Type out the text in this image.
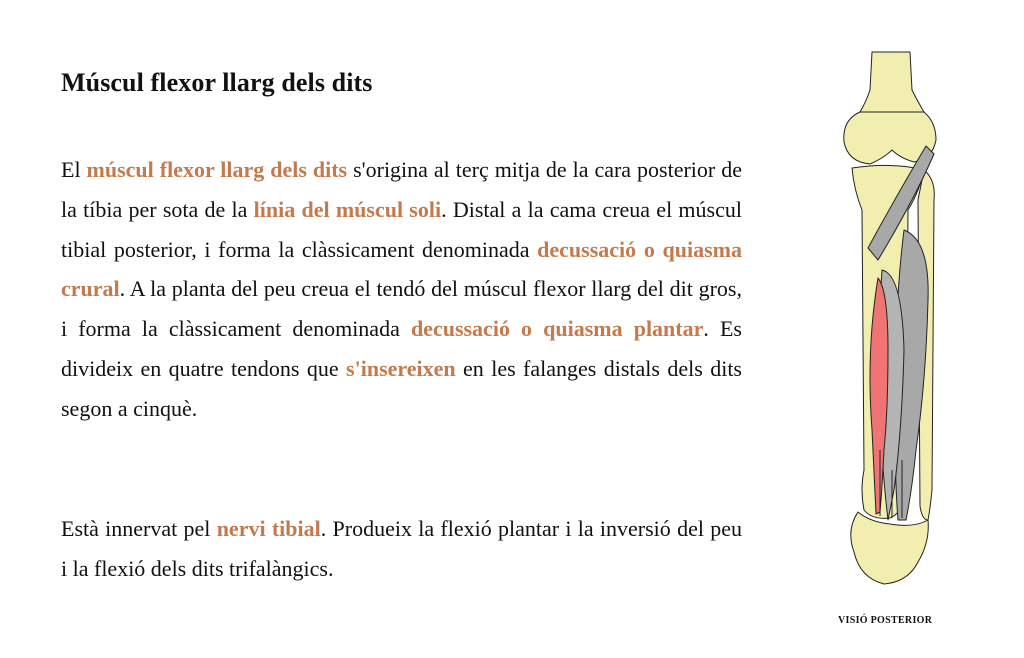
Múscul flexor llarg dels dits

El múscul flexor llarg dels dits s'origina al terç mitja de la cara posterior de la tíbia per sota de la línia del múscul soli. Distal a la cama creua el múscul tibial posterior, i forma la clàssicament denominada decussació o quiasma crural. A la planta del peu creua el tendó del múscul flexor llarg del dit gros, i forma la clàssicament denominada decussació o quiasma plantar. Es divideix en quatre tendons que s'insereixen en les falanges distals dels dits segon a cinquè.

Està innervat pel nervi tibial. Produeix la flexió plantar i la inversió del peu i la flexió dels dits trifalàngics.

VISIÓ POSTERIOR
